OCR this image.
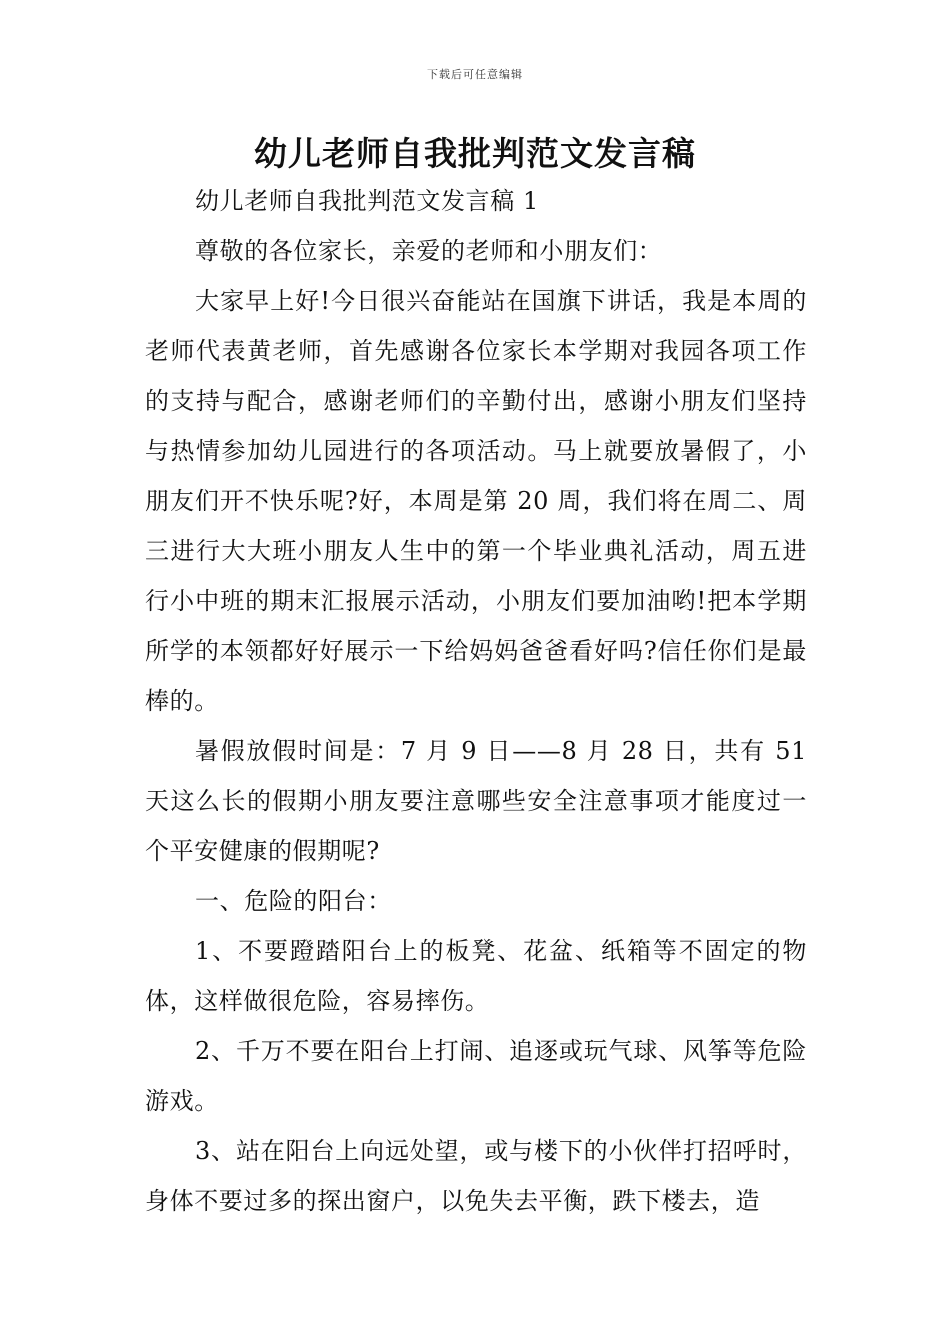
下载后可任意编辑
幼儿老师自我批判范文发言稿

幼儿老师自我批判范文发言稿 1

尊敬的各位家长，亲爱的老师和小朋友们：

大家早上好!今日很兴奋能站在国旗下讲话，我是本周的老师代表黄老师，首先感谢各位家长本学期对我园各项工作的支持与配合，感谢老师们的辛勤付出，感谢小朋友们坚持与热情参加幼儿园进行的各项活动。马上就要放暑假了，小朋友们开不快乐呢?好，本周是第 20 周，我们将在周二、周三进行大大班小朋友人生中的第一个毕业典礼活动，周五进行小中班的期末汇报展示活动，小朋友们要加油哟!把本学期所学的本领都好好展示一下给妈妈爸爸看好吗?信任你们是最棒的。

暑假放假时间是：7 月 9 日——8 月 28 日，共有 51 天这么长的假期小朋友要注意哪些安全注意事项才能度过一个平安健康的假期呢?

一、危险的阳台：

1、不要蹬踏阳台上的板凳、花盆、纸箱等不固定的物体，这样做很危险，容易摔伤。

2、千万不要在阳台上打闹、追逐或玩气球、风筝等危险游戏。

3、站在阳台上向远处望，或与楼下的小伙伴打招呼时，身体不要过多的探出窗户，以免失去平衡，跌下楼去，造
